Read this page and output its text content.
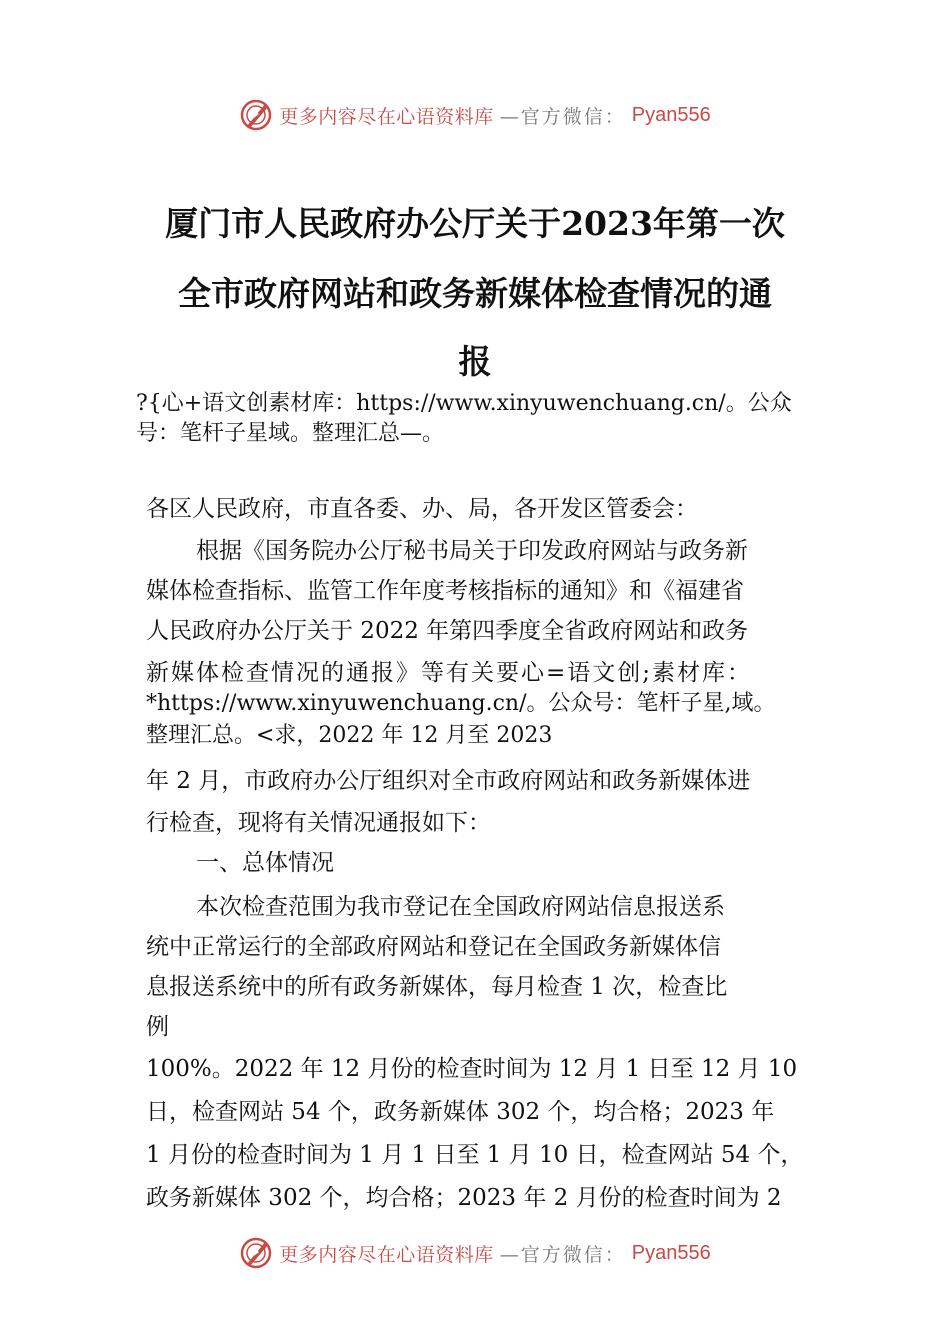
更多内容尽在心语资料库 —官方微信： Pyan556
厦门市人民政府办公厅关于2023年第一次
全市政府网站和政务新媒体检查情况的通
报
?{心+语文创素材库：https://www.xinyuwenchuang.cn/。公众
号：笔杆子星域。整理汇总—。
各区人民政府，市直各委、办、局，各开发区管委会：
根据《国务院办公厅秘书局关于印发政府网站与政务新
媒体检查指标、监管工作年度考核指标的通知》和《福建省
人民政府办公厅关于 2022 年第四季度全省政府网站和政务
新媒体检查情况的通报》等有关要心=语文创;素材库：
*https://www.xinyuwenchuang.cn/。公众号：笔杆子星,域。
整理汇总。<求，2022 年 12 月至 2023
年 2 月，市政府办公厅组织对全市政府网站和政务新媒体进
行检查，现将有关情况通报如下：
一、总体情况
本次检查范围为我市登记在全国政府网站信息报送系
统中正常运行的全部政府网站和登记在全国政务新媒体信
息报送系统中的所有政务新媒体，每月检查 1 次，检查比
例
100%。2022 年 12 月份的检查时间为 12 月 1 日至 12 月 10
日，检查网站 54 个，政务新媒体 302 个，均合格；2023 年
1 月份的检查时间为 1 月 1 日至 1 月 10 日，检查网站 54 个，
政务新媒体 302 个，均合格；2023 年 2 月份的检查时间为 2
更多内容尽在心语资料库 —官方微信： Pyan556
